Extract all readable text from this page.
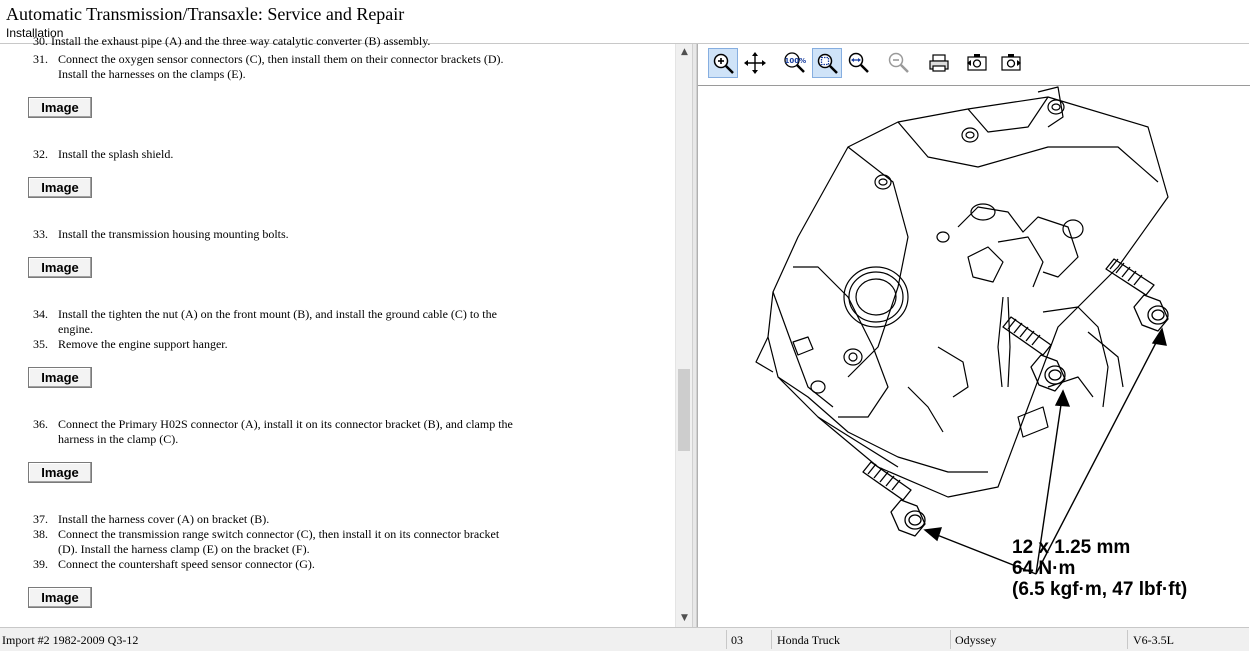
Automatic Transmission/Transaxle: Service and Repair
Installation
30. Install the exhaust pipe (A) and the three way catalytic converter (B) assembly.
31. Connect the oxygen sensor connectors (C), then install them on their connector brackets (D). Install the harnesses on the clamps (E).
Image
32. Install the splash shield.
Image
33. Install the transmission housing mounting bolts.
Image
34. Install the tighten the nut (A) on the front mount (B), and install the ground cable (C) to the engine.
35. Remove the engine support hanger.
Image
36. Connect the Primary H02S connector (A), install it on its connector bracket (B), and clamp the harness in the clamp (C).
Image
37. Install the harness cover (A) on bracket (B).
38. Connect the transmission range switch connector (C), then install it on its connector bracket (D). Install the harness clamp (E) on the bracket (F).
39. Connect the countershaft speed sensor connector (G).
Image
▲
▼
100%
12 x 1.25 mm
64 N·m
(6.5 kgf·m, 47 lbf·ft)
Import #2 1982-2009 Q3-12	03	Honda Truck	Odyssey	V6-3.5L
